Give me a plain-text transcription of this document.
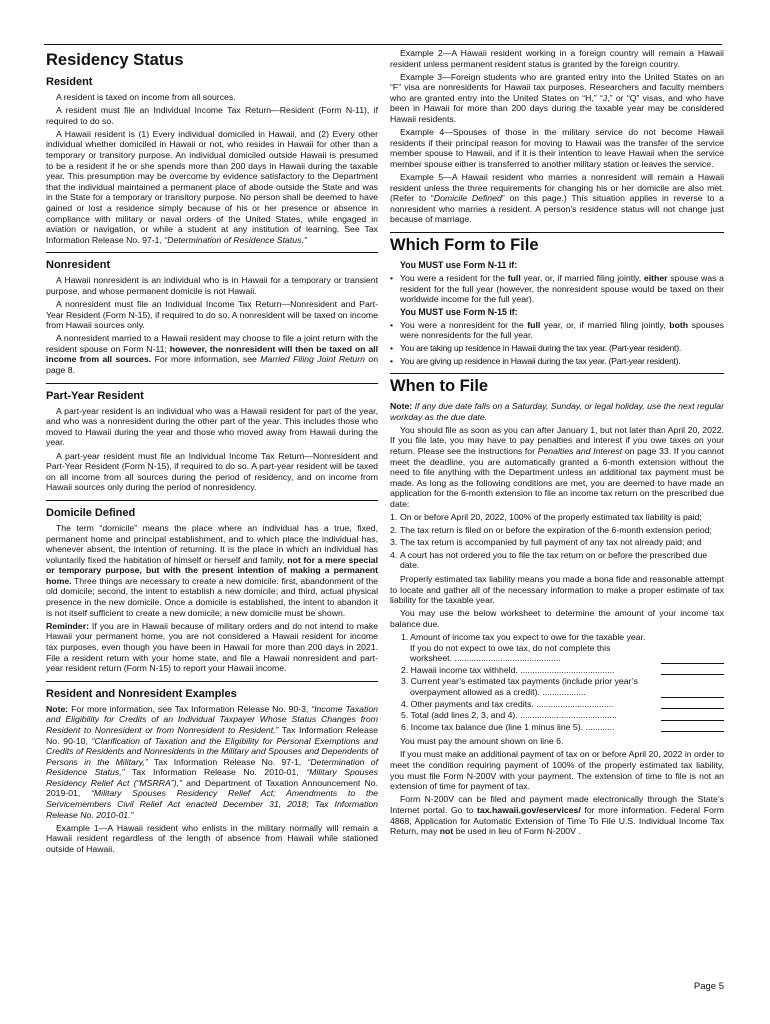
Residency Status
Resident

A resident is taxed on income from all sources.

A resident must file an Individual Income Tax Return—Resident (Form N-11), if required to do so.

A Hawaii resident is (1) Every individual domiciled in Hawaii, and (2) Every other individual whether domiciled in Hawaii or not, who resides in Hawaii for other than a temporary or transitory purpose. An individual domiciled outside Hawaii is presumed to be a resident if he or she spends more than 200 days in Hawaii during the taxable year. This presumption may be overcome by evidence satisfactory to the Department that the individual maintained a permanent place of abode outside the State and was in the State for a temporary or transitory purpose. No person shall be deemed to have gained or lost a residence simply because of his or her presence or absence in compliance with military or naval orders of the United States, while engaged in aviation or navigation, or while a student at any institution of learning. See Tax Information Release No. 97-1, “Determination of Residence Status.”

Nonresident

A Hawaii nonresident is an individual who is in Hawaii for a temporary or transient purpose, and whose permanent domicile is not Hawaii.

A nonresident must file an Individual Income Tax Return—Nonresident and Part-Year Resident (Form N-15), if required to do so. A nonresident will be taxed on income from Hawaii sources only.

A nonresident married to a Hawaii resident may choose to file a joint return with the resident spouse on Form N-11; however, the nonresident will then be taxed on all income from all sources. For more information, see Married Filing Joint Return on page 8.

Part-Year Resident

A part-year resident is an individual who was a Hawaii resident for part of the year, and who was a nonresident during the other part of the year. This includes those who moved to Hawaii during the year and those who moved away from Hawaii during the year.

A part-year resident must file an Individual Income Tax Return—Nonresident and Part-Year Resident (Form N-15), if required to do so. A part-year resident will be taxed on all income from all sources during the period of residency, and on income from Hawaii sources only during the period of nonresidency.

Domicile Defined

The term “domicile” means the place where an individual has a true, fixed, permanent home and principal establishment, and to which place the individual has, whenever absent, the intention of returning. It is the place in which an individual has voluntarily fixed the habitation of himself or herself and family, not for a mere special or temporary purpose, but with the present intention of making a permanent home. Three things are necessary to create a new domicile: first, abandonment of the old domicile; second, the intent to establish a new domicile; and third, actual physical presence in the new domicile. Once a domicile is established, the intent to abandon it is not itself sufficient to create a new domicile; a new domicile must be shown.

Reminder: If you are in Hawaii because of military orders and do not intend to make Hawaii your permanent home, you are not considered a Hawaii resident for income tax purposes, even though you have been in Hawaii for more than 200 days in 2021. File a resident return with your home state, and file a Hawaii nonresident and part-year resident return (Form N-15) to report your Hawaii income.

Resident and Nonresident Examples

Note: For more information, see Tax Information Release No. 90-3, “Income Taxation and Eligibility for Credits of an Individual Taxpayer Whose Status Changes from Resident to Nonresident or from Nonresident to Resident,” Tax Information Release No. 90-10, “Clarification of Taxation and the Eligibility for Personal Exemptions and Credits of Residents and Nonresidents in the Military and Spouses and Dependents of Persons in the Military,” Tax Information Release No. 97-1, “Determination of Residence Status,” Tax Information Release No. 2010-01, “Military Spouses Residency Relief Act (“MSRRA”),” and Department of Taxation Announcement No. 2019-01, “Military Spouses Residency Relief Act; Amendments to the Servicemembers Civil Relief Act enacted December 31, 2018; Tax Information Release No. 2010-01.”

Example 1—A Hawaii resident who enlists in the military normally will remain a Hawaii resident regardless of the length of absence from Hawaii while stationed outside of Hawaii.

Example 2—A Hawaii resident working in a foreign country will remain a Hawaii resident unless permanent resident status is granted by the foreign country.

Example 3—Foreign students who are granted entry into the United States on an “F” visa are nonresidents for Hawaii tax purposes. Researchers and faculty members who are granted entry into the United States on “H,” “J,” or “Q” visas, and who have been in Hawaii for more than 200 days during the taxable year may be considered Hawaii residents.

Example 4—Spouses of those in the military service do not become Hawaii residents if their principal reason for moving to Hawaii was the transfer of the service member spouse to Hawaii, and if it is their intention to leave Hawaii when the service member spouse either is transferred to another military station or leaves the service.

Example 5—A Hawaii resident who marries a nonresident will remain a Hawaii resident unless the three requirements for changing his or her domicile are also met. (Refer to “Domicile Defined” on this page.) This situation applies in reverse to a nonresident who marries a resident. A person’s residence status will not change just because of marriage.

Which Form to File
You MUST use Form N-11 if:
• You were a resident for the full year, or, if married filing jointly, either spouse was a resident for the full year (however, the nonresident spouse would be taxed on their worldwide income for the full year).
You MUST use Form N-15 if:
• You were a nonresident for the full year, or, if married filing jointly, both spouses were nonresidents for the full year.
• You are taking up residence in Hawaii during the tax year. (Part-year resident).
• You are giving up residence in Hawaii during the tax year. (Part-year resident).
When to File

Note: If any due date falls on a Saturday, Sunday, or legal holiday, use the next regular workday as the due date.

You should file as soon as you can after January 1, but not later than April 20, 2022. If you file late, you may have to pay penalties and interest if you owe taxes on your return. Please see the instructions for Penalties and Interest on page 33. If you cannot meet the deadline, you are automatically granted a 6-month extension without the need to file anything with the Department unless an additional tax payment must be made. As long as the following conditions are met, you are deemed to have made an application for the 6-month extension to file an income tax return on the prescribed due date:

1. On or before April 20, 2022, 100% of the properly estimated tax liability is paid;
2. The tax return is filed on or before the expiration of the 6-month extension period;
3. The tax return is accompanied by full payment of any tax not already paid; and
4. A court has not ordered you to file the tax return on or before the prescribed due date.

Properly estimated tax liability means you made a bona fide and reasonable attempt to locate and gather all of the necessary information to make a proper estimate of tax liability for the taxable year.

You may use the below worksheet to determine the amount of your income tax balance due.

1. Amount of income tax you expect to owe for the taxable year. If you do not expect to owe tax, do not complete this worksheet. ............................................
2. Hawaii income tax withheld. .......................................
3. Current year’s estimated tax payments (include prior year’s overpayment allowed as a credit). ..................
4. Other payments and tax credits. ................................
5. Total (add lines 2, 3, and 4). ........................................
6. Income tax balance due (line 1 minus line 5). ............

You must pay the amount shown on line 6.

If you must make an additional payment of tax on or before April 20, 2022 in order to meet the condition requiring payment of 100% of the properly estimated tax liability, you must file Form N-200V with your payment. The extension of time to file is not an extension of time for payment of tax.

Form N-200V can be filed and payment made electronically through the State’s Internet portal. Go to tax.hawaii.gov/eservices/ for more information. Federal Form 4868, Application for Automatic Extension of Time To File U.S. Individual Income Tax Return, may not be used in lieu of Form N-200V .

Page 5
